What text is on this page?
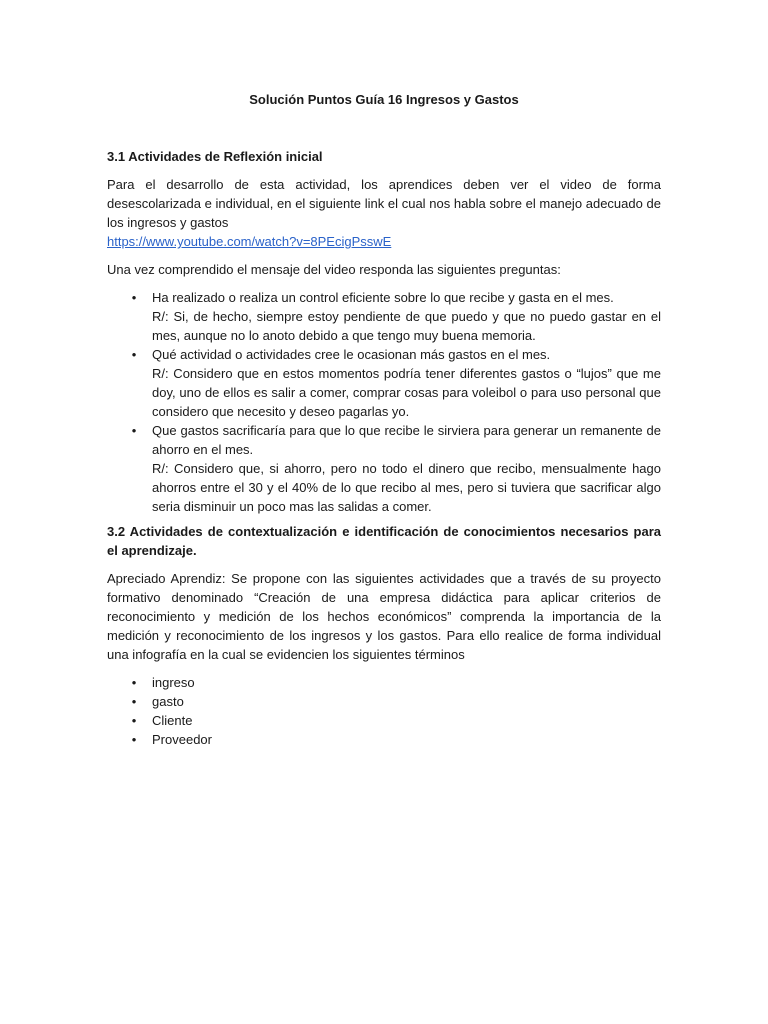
Solución Puntos Guía 16 Ingresos y Gastos
3.1 Actividades de Reflexión inicial

Para el desarrollo de esta actividad, los aprendices deben ver el video de forma desescolarizada e individual, en el siguiente link el cual nos habla sobre el manejo adecuado de los ingresos y gastos
https://www.youtube.com/watch?v=8PEcigPsswE

Una vez comprendido el mensaje del video responda las siguientes preguntas:

• Ha realizado o realiza un control eficiente sobre lo que recibe y gasta en el mes.
R/: Si, de hecho, siempre estoy pendiente de que puedo y que no puedo gastar en el mes, aunque no lo anoto debido a que tengo muy buena memoria.
• Qué actividad o actividades cree le ocasionan más gastos en el mes.
R/: Considero que en estos momentos podría tener diferentes gastos o “lujos” que me doy, uno de ellos es salir a comer, comprar cosas para voleibol o para uso personal que considero que necesito y deseo pagarlas yo.
• Que gastos sacrificaría para que lo que recibe le sirviera para generar un remanente de ahorro en el mes.
R/: Considero que, si ahorro, pero no todo el dinero que recibo, mensualmente hago ahorros entre el 30 y el 40% de lo que recibo al mes, pero si tuviera que sacrificar algo seria disminuir un poco mas las salidas a comer.
3.2 Actividades de contextualización e identificación de conocimientos necesarios para el aprendizaje.

Apreciado Aprendiz: Se propone con las siguientes actividades que a través de su proyecto formativo denominado “Creación de una empresa didáctica para aplicar criterios de reconocimiento y medición de los hechos económicos” comprenda la importancia de la medición y reconocimiento de los ingresos y los gastos. Para ello realice de forma individual una infografía en la cual se evidencien los siguientes términos

• ingreso
• gasto
• Cliente
• Proveedor
